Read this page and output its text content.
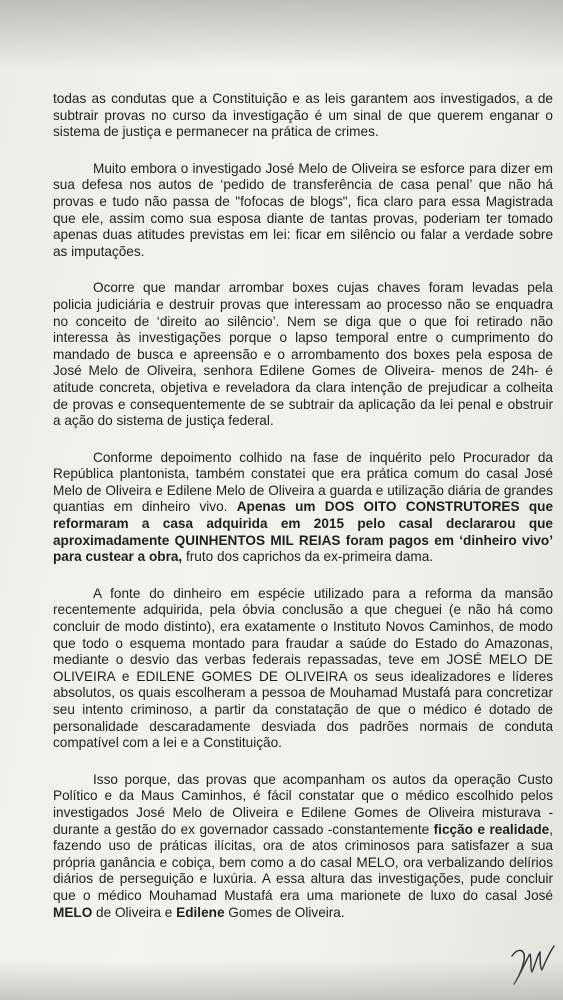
todas as condutas que a Constituição e as leis garantem aos investigados, a de subtrair provas no curso da investigação é um sinal de que querem enganar o sistema de justiça e permanecer na prática de crimes.

Muito embora o investigado José Melo de Oliveira se esforce para dizer em sua defesa nos autos de ‘pedido de transferência de casa penal’ que não há provas e tudo não passa de "fofocas de blogs", fica claro para essa Magistrada que ele, assim como sua esposa diante de tantas provas, poderiam ter tomado apenas duas atitudes previstas em lei: ficar em silêncio ou falar a verdade sobre as imputações.

Ocorre que mandar arrombar boxes cujas chaves foram levadas pela policia judiciária e destruir provas que interessam ao processo não se enquadra no conceito de ‘direito ao silêncio’. Nem se diga que o que foi retirado não interessa às investigações porque o lapso temporal entre o cumprimento do mandado de busca e apreensão e o arrombamento dos boxes pela esposa de José Melo de Oliveira, senhora Edilene Gomes de Oliveira- menos de 24h- é atitude concreta, objetiva e reveladora da clara intenção de prejudicar a colheita de provas e consequentemente de se subtrair da aplicação da lei penal e obstruir a ação do sistema de justiça federal.

Conforme depoimento colhido na fase de inquérito pelo Procurador da República plantonista, também constatei que era prática comum do casal José Melo de Oliveira e Edilene Melo de Oliveira a guarda e utilização diária de grandes quantias em dinheiro vivo. Apenas um DOS OITO CONSTRUTORES que reformaram a casa adquirida em 2015 pelo casal declararou que aproximadamente QUINHENTOS MIL REIAS foram pagos em ‘dinheiro vivo’ para custear a obra, fruto dos caprichos da ex-primeira dama.

A fonte do dinheiro em espécie utilizado para a reforma da mansão recentemente adquirida, pela óbvia conclusão a que cheguei (e não há como concluir de modo distinto), era exatamente o Instituto Novos Caminhos, de modo que todo o esquema montado para fraudar a saúde do Estado do Amazonas, mediante o desvio das verbas federais repassadas, teve em JOSÉ MELO DE OLIVEIRA e EDILENE GOMES DE OLIVEIRA os seus idealizadores e líderes absolutos, os quais escolheram a pessoa de Mouhamad Mustafá para concretizar seu intento criminoso, a partir da constatação de que o médico é dotado de personalidade descaradamente desviada dos padrões normais de conduta compatível com a lei e a Constituição.

Isso porque, das provas que acompanham os autos da operação Custo Político e da Maus Caminhos, é fácil constatar que o médico escolhido pelos investigados José Melo de Oliveira e Edilene Gomes de Oliveira misturava - durante a gestão do ex governador cassado -constantemente ficção e realidade, fazendo uso de práticas ilícitas, ora de atos criminosos para satisfazer a sua própria ganância e cobiça, bem como a do casal MELO, ora verbalizando delírios diários de perseguição e luxúria. A essa altura das investigações, pude concluir que o médico Mouhamad Mustafá era uma marionete de luxo do casal José MELO de Oliveira e Edilene Gomes de Oliveira.
